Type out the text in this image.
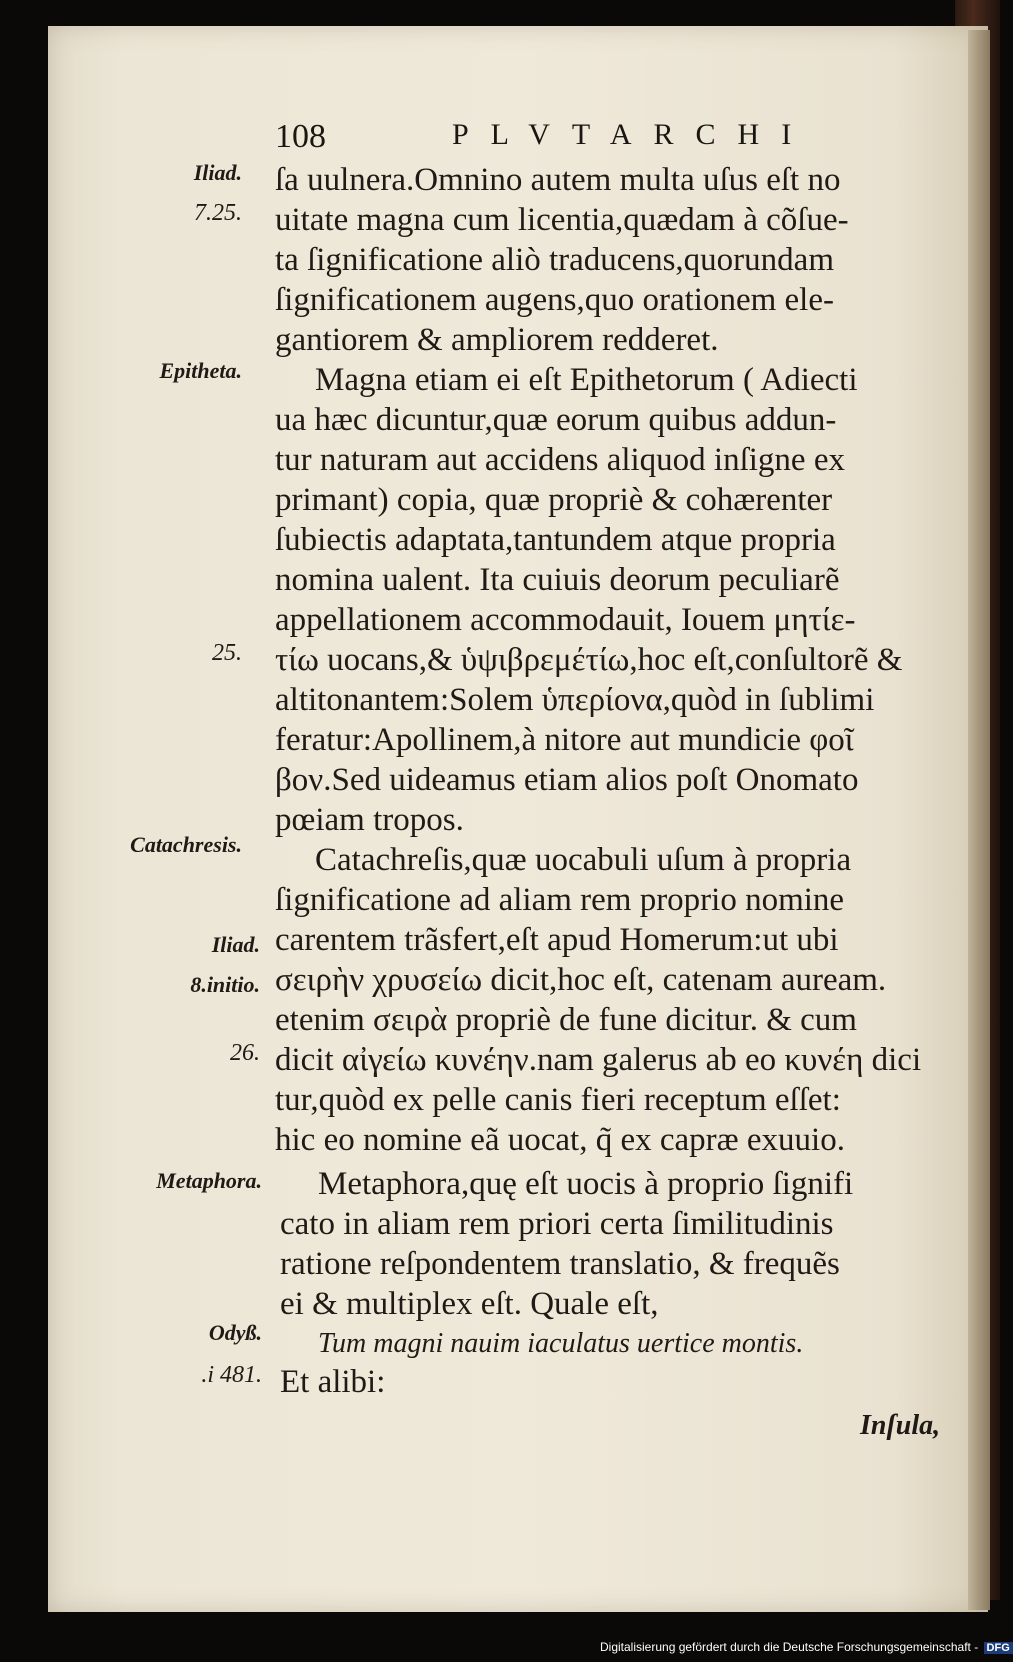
108	PLVTARCHI
Iliad.
7.25.
Epitheta.
25.
Catachresis.
Iliad.
8.initio.
26.
Metaphora.
Odyß.
.i 481.
ſa uulnera.Omnino autem multa uſus eſt no
uitate magna cum licentia,quædam à cõſue-
ta ſignificatione aliò traducens,quorundam
ſignificationem augens,quo orationem ele-
gantiorem & ampliorem redderet.
Magna etiam ei eſt Epithetorum ( Adiecti
ua hæc dicuntur,quæ eorum quibus addun-
tur naturam aut accidens aliquod inſigne ex
primant) copia, quæ propriè & cohærenter
ſubiectis adaptata,tantundem atque propria
nomina ualent. Ita cuiuis deorum peculiarẽ
appellationem accommodauit, Iouem μητίε-
τίω uocans,& ὑψιβρεμέτίω,hoc eſt,conſultorẽ &
altitonantem:Solem ὑπερίονα,quòd in ſublimi
feratur:Apollinem,à nitore aut mundicie φοῖ
βον.Sed uideamus etiam alios poſt Onomato
pœiam tropos.
Catachreſis,quæ uocabuli uſum à propria
ſignificatione ad aliam rem proprio nomine
carentem trãsfert,eſt apud Homerum:ut ubi
σειρὴν χρυσείω dicit,hoc eſt, catenam auream.
etenim σειρὰ propriè de fune dicitur. & cum
dicit αἰγείω κυνέην.nam galerus ab eo κυνέη dici
tur,quòd ex pelle canis fieri receptum eſſet:
hic eo nomine eã uocat, q̃ ex capræ exuuio.
Metaphora,quę eſt uocis à proprio ſignifi
cato in aliam rem priori certa ſimilitudinis
ratione reſpondentem translatio, & frequẽs
ei & multiplex eſt. Quale eſt,
Tum magni nauim iaculatus uertice montis.
Et alibi:
Inſula,
Digitalisierung gefördert durch die Deutsche Forschungsgemeinschaft - DFG
